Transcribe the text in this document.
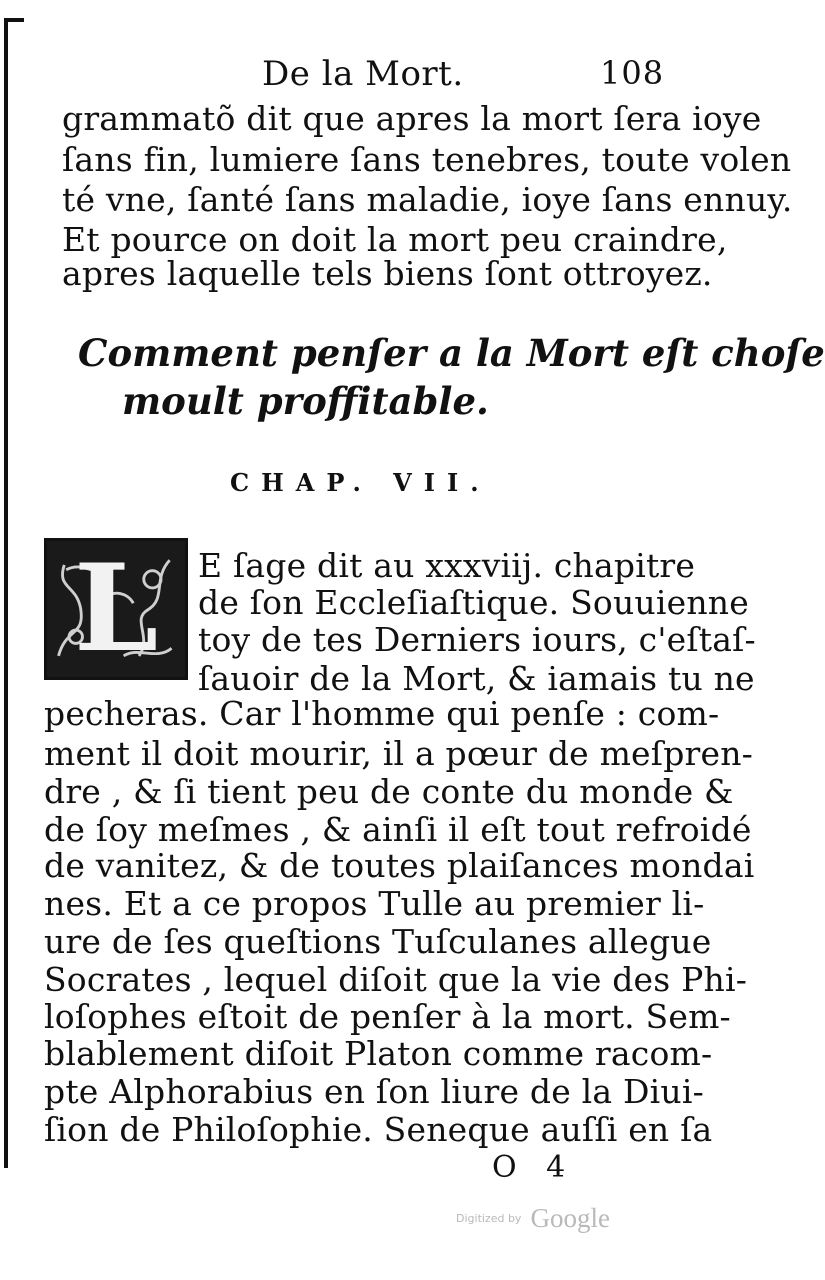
De la Mort.	108
grammatõ dit que apres la mort ſera ioye
ſans fin, lumiere ſans tenebres, toute volen
té vne, ſanté ſans maladie, ioye ſans ennuy.
Et pource on doit la mort peu craindre,
apres laquelle tels biens ſont ottroyez.
Comment penſer a la Mort eſt choſe
moult proffitable.
CHAP. VII.
L	E ſage dit au xxxviij. chapitre
de ſon Eccleſiaſtique. Souuienne
toy de tes Derniers iours, c'eſtaſ-
ſauoir de la Mort, & iamais tu ne
pecheras. Car l'homme qui penſe : com-
ment il doit mourir, il a pœur de meſpren-
dre , & ſi tient peu de conte du monde &
de ſoy meſmes , & ainſi il eſt tout refroidé
de vanitez, & de toutes plaiſances mondai
nes. Et a ce propos Tulle au premier li-
ure de ſes queſtions Tuſculanes allegue
Socrates , lequel diſoit que la vie des Phi-
loſophes eſtoit de penſer à la mort. Sem-
blablement diſoit Platon comme racom-
pte Alphorabius en ſon liure de la Diui-
ſion de Philoſophie. Seneque auſſi en ſa
O 4
Digitized by Google
